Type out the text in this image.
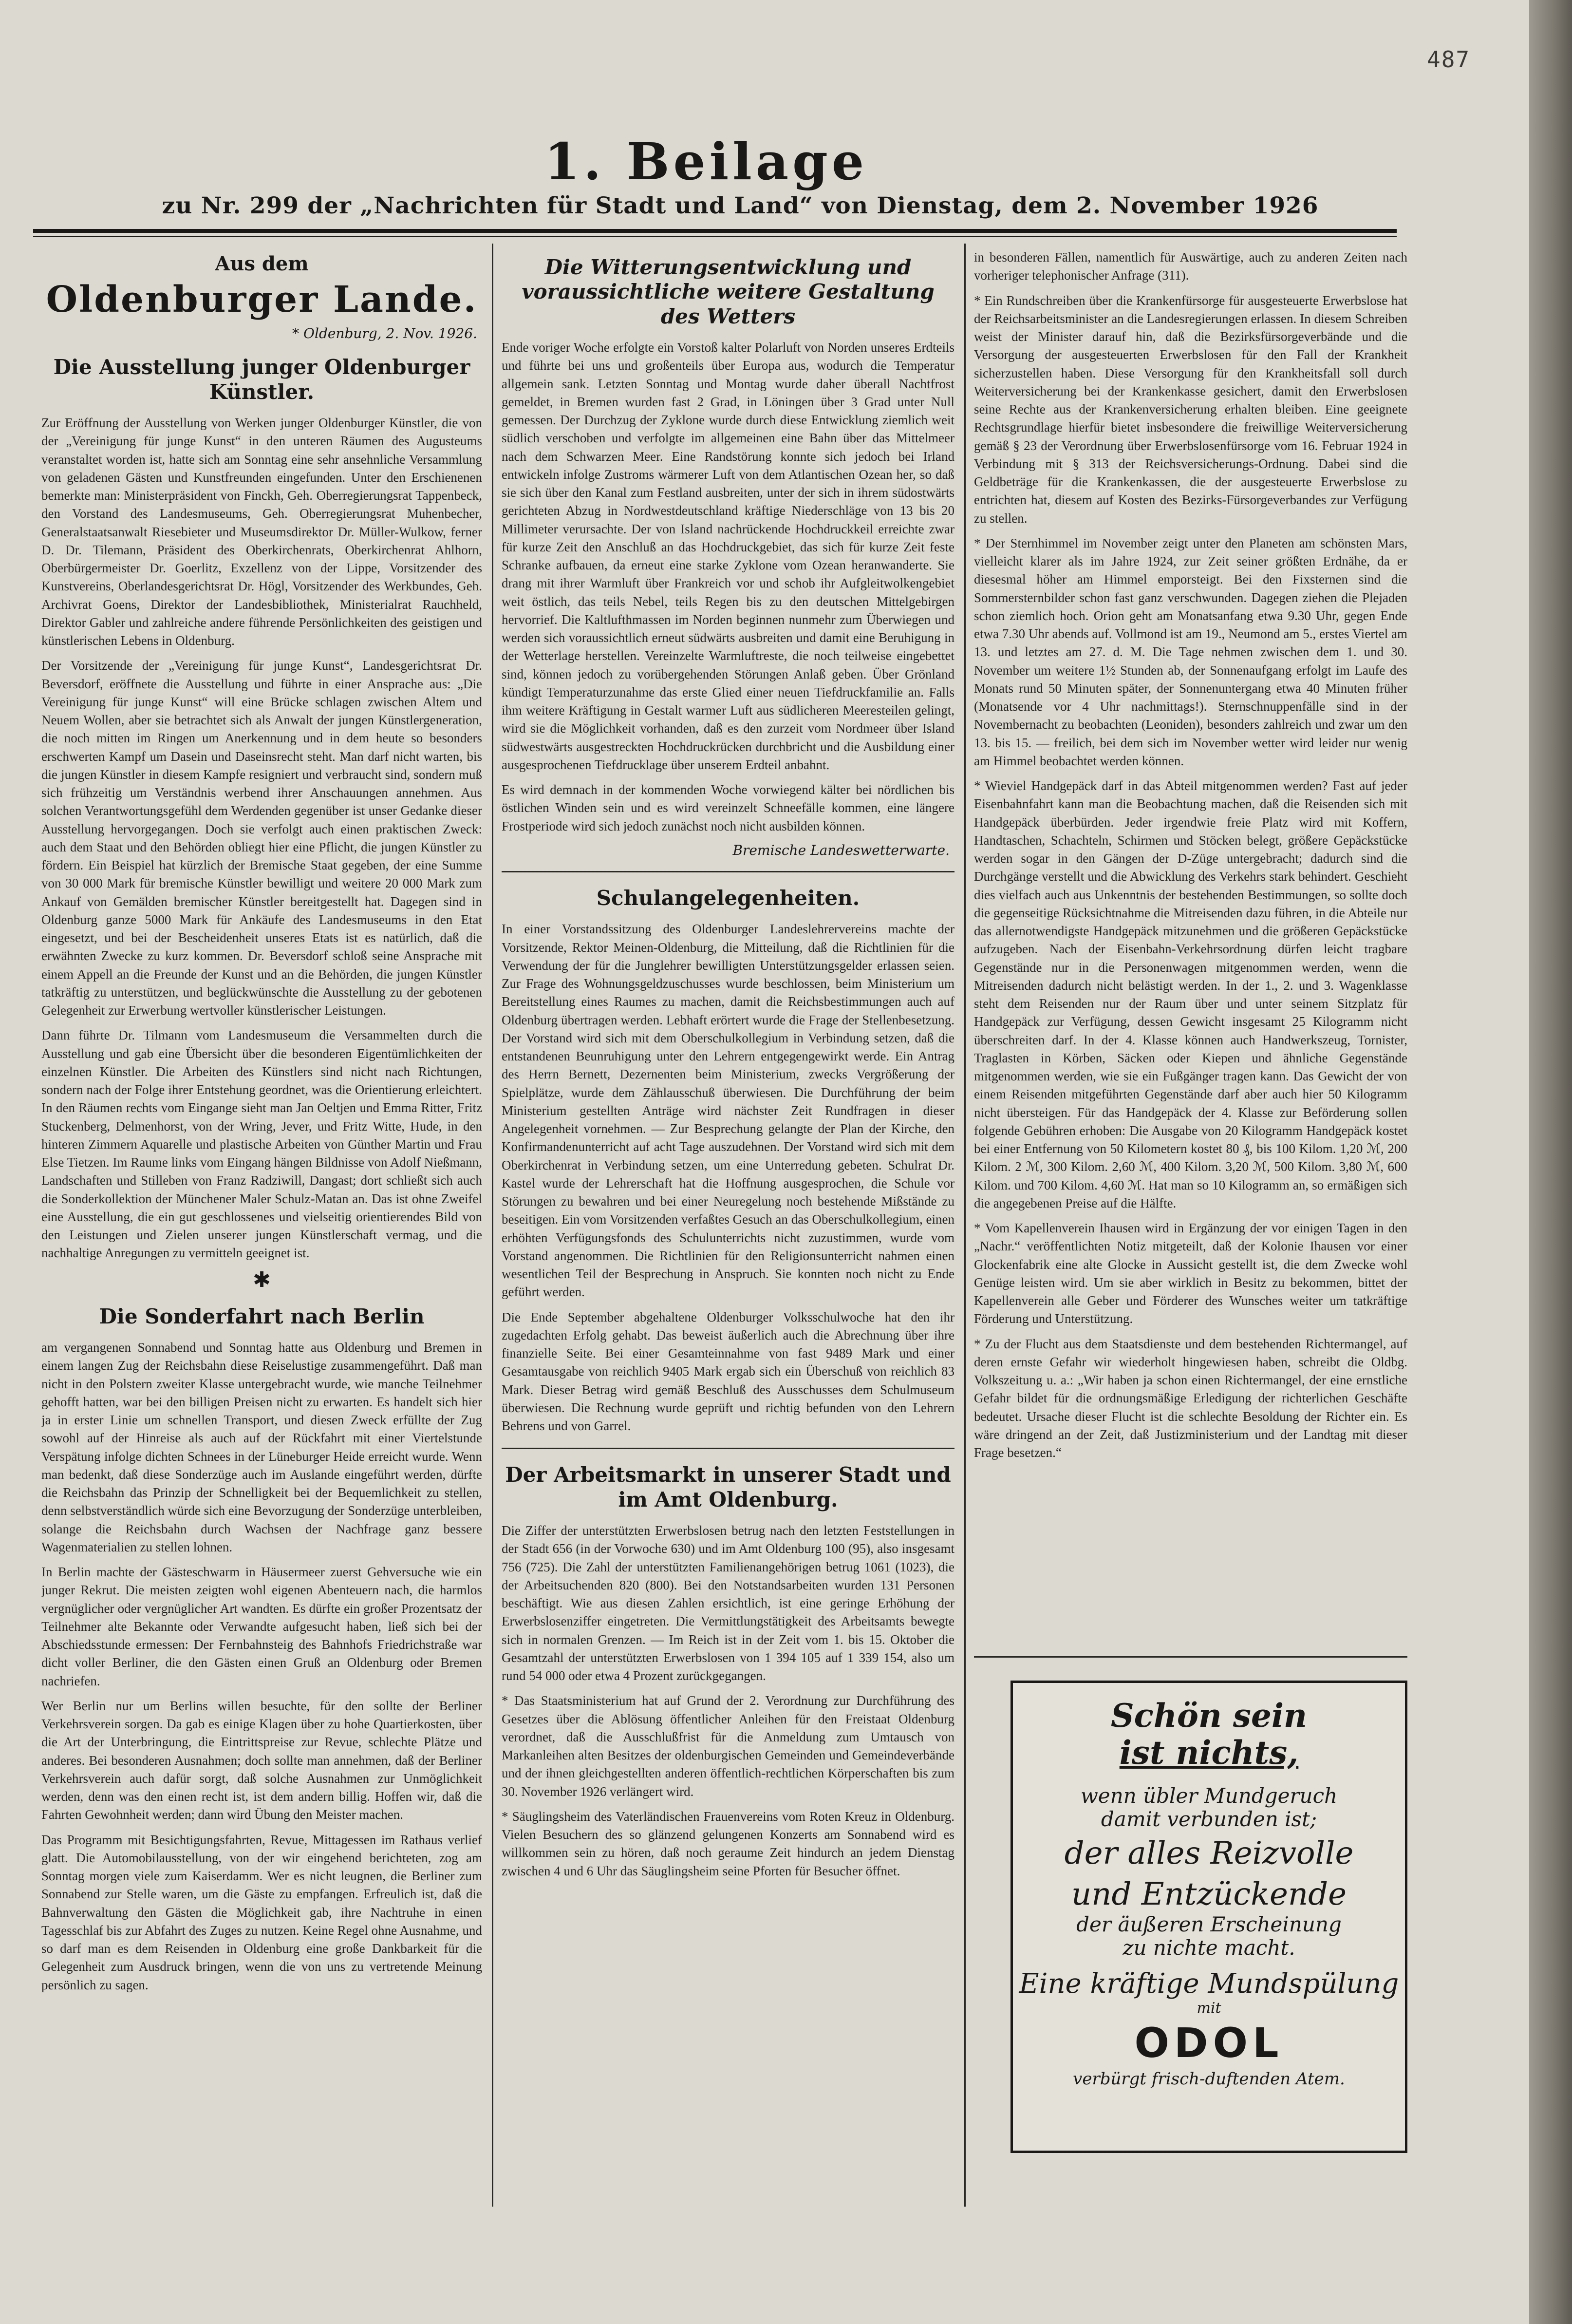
487
1. Beilage
zu Nr. 299 der „Nachrichten für Stadt und Land“ von Dienstag, dem 2. November 1926
Aus dem
Oldenburger Lande.
* Oldenburg, 2. Nov. 1926.
Die Ausstellung junger Oldenburger Künstler.

Zur Eröffnung der Ausstellung von Werken junger Oldenburger Künstler, die von der „Vereinigung für junge Kunst“ in den unteren Räumen des Augusteums veranstaltet worden ist, hatte sich am Sonntag eine sehr ansehnliche Versammlung von geladenen Gästen und Kunstfreunden eingefunden. Unter den Erschienenen bemerkte man: Ministerpräsident von Finckh, Geh. Oberregierungsrat Tappenbeck, den Vorstand des Landesmuseums, Geh. Oberregierungsrat Muhenbecher, Generalstaatsanwalt Riesebieter und Museumsdirektor Dr. Müller-Wulkow, ferner D. Dr. Tilemann, Präsident des Oberkirchenrats, Oberkirchenrat Ahlhorn, Oberbürgermeister Dr. Goerlitz, Exzellenz von der Lippe, Vorsitzender des Kunstvereins, Oberlandesgerichtsrat Dr. Högl, Vorsitzender des Werkbundes, Geh. Archivrat Goens, Direktor der Landesbibliothek, Ministerialrat Rauchheld, Direktor Gabler und zahlreiche andere führende Persönlichkeiten des geistigen und künstlerischen Lebens in Oldenburg.

Der Vorsitzende der „Vereinigung für junge Kunst“, Landesgerichtsrat Dr. Beversdorf, eröffnete die Ausstellung und führte in einer Ansprache aus: „Die Vereinigung für junge Kunst“ will eine Brücke schlagen zwischen Altem und Neuem Wollen, aber sie betrachtet sich als Anwalt der jungen Künstlergeneration, die noch mitten im Ringen um Anerkennung und in dem heute so besonders erschwerten Kampf um Dasein und Daseinsrecht steht. Man darf nicht warten, bis die jungen Künstler in diesem Kampfe resigniert und verbraucht sind, sondern muß sich frühzeitig um Verständnis werbend ihrer Anschauungen annehmen. Aus solchen Verantwortungsgefühl dem Werdenden gegenüber ist unser Gedanke dieser Ausstellung hervorgegangen. Doch sie verfolgt auch einen praktischen Zweck: auch dem Staat und den Behörden obliegt hier eine Pflicht, die jungen Künstler zu fördern. Ein Beispiel hat kürzlich der Bremische Staat gegeben, der eine Summe von 30 000 Mark für bremische Künstler bewilligt und weitere 20 000 Mark zum Ankauf von Gemälden bremischer Künstler bereitgestellt hat. Dagegen sind in Oldenburg ganze 5000 Mark für Ankäufe des Landesmuseums in den Etat eingesetzt, und bei der Bescheidenheit unseres Etats ist es natürlich, daß die erwähnten Zwecke zu kurz kommen. Dr. Beversdorf schloß seine Ansprache mit einem Appell an die Freunde der Kunst und an die Behörden, die jungen Künstler tatkräftig zu unterstützen, und beglückwünschte die Ausstellung zu der gebotenen Gelegenheit zur Erwerbung wertvoller künstlerischer Leistungen.

Dann führte Dr. Tilmann vom Landesmuseum die Versammelten durch die Ausstellung und gab eine Übersicht über die besonderen Eigentümlichkeiten der einzelnen Künstler. Die Arbeiten des Künstlers sind nicht nach Richtungen, sondern nach der Folge ihrer Entstehung geordnet, was die Orientierung erleichtert. In den Räumen rechts vom Eingange sieht man Jan Oeltjen und Emma Ritter, Fritz Stuckenberg, Delmenhorst, von der Wring, Jever, und Fritz Witte, Hude, in den hinteren Zimmern Aquarelle und plastische Arbeiten von Günther Martin und Frau Else Tietzen. Im Raume links vom Eingang hängen Bildnisse von Adolf Nießmann, Landschaften und Stilleben von Franz Radziwill, Dangast; dort schließt sich auch die Sonderkollektion der Münchener Maler Schulz-Matan an. Das ist ohne Zweifel eine Ausstellung, die ein gut geschlossenes und vielseitig orientierendes Bild von den Leistungen und Zielen unserer jungen Künstlerschaft vermag, und die nachhaltige Anregungen zu vermitteln geeignet ist.

✱
Die Sonderfahrt nach Berlin

am vergangenen Sonnabend und Sonntag hatte aus Oldenburg und Bremen in einem langen Zug der Reichsbahn diese Reiselustige zusammengeführt. Daß man nicht in den Polstern zweiter Klasse untergebracht wurde, wie manche Teilnehmer gehofft hatten, war bei den billigen Preisen nicht zu erwarten. Es handelt sich hier ja in erster Linie um schnellen Transport, und diesen Zweck erfüllte der Zug sowohl auf der Hinreise als auch auf der Rückfahrt mit einer Viertelstunde Verspätung infolge dichten Schnees in der Lüneburger Heide erreicht wurde. Wenn man bedenkt, daß diese Sonderzüge auch im Auslande eingeführt werden, dürfte die Reichsbahn das Prinzip der Schnelligkeit bei der Bequemlichkeit zu stellen, denn selbstverständlich würde sich eine Bevorzugung der Sonderzüge unterbleiben, solange die Reichsbahn durch Wachsen der Nachfrage ganz bessere Wagenmaterialien zu stellen lohnen.

In Berlin machte der Gästeschwarm in Häusermeer zuerst Gehversuche wie ein junger Rekrut. Die meisten zeigten wohl eigenen Abenteuern nach, die harmlos vergnüglicher oder vergnüglicher Art wandten. Es dürfte ein großer Prozentsatz der Teilnehmer alte Bekannte oder Verwandte aufgesucht haben, ließ sich bei der Abschiedsstunde ermessen: Der Fernbahnsteig des Bahnhofs Friedrichstraße war dicht voller Berliner, die den Gästen einen Gruß an Oldenburg oder Bremen nachriefen.

Wer Berlin nur um Berlins willen besuchte, für den sollte der Berliner Verkehrsverein sorgen. Da gab es einige Klagen über zu hohe Quartierkosten, über die Art der Unterbringung, die Eintrittspreise zur Revue, schlechte Plätze und anderes. Bei besonderen Ausnahmen; doch sollte man annehmen, daß der Berliner Verkehrsverein auch dafür sorgt, daß solche Ausnahmen zur Unmöglichkeit werden, denn was den einen recht ist, ist dem andern billig. Hoffen wir, daß die Fahrten Gewohnheit werden; dann wird Übung den Meister machen.

Das Programm mit Besichtigungsfahrten, Revue, Mittagessen im Rathaus verlief glatt. Die Automobilausstellung, von der wir eingehend berichteten, zog am Sonntag morgen viele zum Kaiserdamm. Wer es nicht leugnen, die Berliner zum Sonnabend zur Stelle waren, um die Gäste zu empfangen. Erfreulich ist, daß die Bahnverwaltung den Gästen die Möglichkeit gab, ihre Nachtruhe in einen Tagesschlaf bis zur Abfahrt des Zuges zu nutzen. Keine Regel ohne Ausnahme, und so darf man es dem Reisenden in Oldenburg eine große Dankbarkeit für die Gelegenheit zum Ausdruck bringen, wenn die von uns zu vertretende Meinung persönlich zu sagen.

Die Witterungsentwicklung und voraussichtliche weitere Gestaltung des Wetters

Ende voriger Woche erfolgte ein Vorstoß kalter Polarluft von Norden unseres Erdteils und führte bei uns und großenteils über Europa aus, wodurch die Temperatur allgemein sank. Letzten Sonntag und Montag wurde daher überall Nachtfrost gemeldet, in Bremen wurden fast 2 Grad, in Löningen über 3 Grad unter Null gemessen. Der Durchzug der Zyklone wurde durch diese Entwicklung ziemlich weit südlich verschoben und verfolgte im allgemeinen eine Bahn über das Mittelmeer nach dem Schwarzen Meer. Eine Randstörung konnte sich jedoch bei Irland entwickeln infolge Zustroms wärmerer Luft von dem Atlantischen Ozean her, so daß sie sich über den Kanal zum Festland ausbreiten, unter der sich in ihrem südostwärts gerichteten Abzug in Nordwestdeutschland kräftige Niederschläge von 13 bis 20 Millimeter verursachte. Der von Island nachrückende Hochdruckkeil erreichte zwar für kurze Zeit den Anschluß an das Hochdruckgebiet, das sich für kurze Zeit feste Schranke aufbauen, da erneut eine starke Zyklone vom Ozean heranwanderte. Sie drang mit ihrer Warmluft über Frankreich vor und schob ihr Aufgleitwolkengebiet weit östlich, das teils Nebel, teils Regen bis zu den deutschen Mittelgebirgen hervorrief. Die Kaltlufthmassen im Norden beginnen nunmehr zum Überwiegen und werden sich voraussichtlich erneut südwärts ausbreiten und damit eine Beruhigung in der Wetterlage herstellen. Vereinzelte Warmluftreste, die noch teilweise eingebettet sind, können jedoch zu vorübergehenden Störungen Anlaß geben. Über Grönland kündigt Temperaturzunahme das erste Glied einer neuen Tiefdruckfamilie an. Falls ihm weitere Kräftigung in Gestalt warmer Luft aus südlicheren Meeresteilen gelingt, wird sie die Möglichkeit vorhanden, daß es den zurzeit vom Nordmeer über Island südwestwärts ausgestreckten Hochdruckrücken durchbricht und die Ausbildung einer ausgesprochenen Tiefdrucklage über unserem Erdteil anbahnt.

Es wird demnach in der kommenden Woche vorwiegend kälter bei nördlichen bis östlichen Winden sein und es wird vereinzelt Schneefälle kommen, eine längere Frostperiode wird sich jedoch zunächst noch nicht ausbilden können.

Bremische Landeswetterwarte.
Schulangelegenheiten.

In einer Vorstandssitzung des Oldenburger Landeslehrervereins machte der Vorsitzende, Rektor Meinen-Oldenburg, die Mitteilung, daß die Richtlinien für die Verwendung der für die Junglehrer bewilligten Unterstützungsgelder erlassen seien. Zur Frage des Wohnungsgeldzuschusses wurde beschlossen, beim Ministerium um Bereitstellung eines Raumes zu machen, damit die Reichsbestimmungen auch auf Oldenburg übertragen werden. Lebhaft erörtert wurde die Frage der Stellenbesetzung. Der Vorstand wird sich mit dem Oberschulkollegium in Verbindung setzen, daß die entstandenen Beunruhigung unter den Lehrern entgegengewirkt werde. Ein Antrag des Herrn Bernett, Dezernenten beim Ministerium, zwecks Vergrößerung der Spielplätze, wurde dem Zählausschuß überwiesen. Die Durchführung der beim Ministerium gestellten Anträge wird nächster Zeit Rundfragen in dieser Angelegenheit vornehmen. — Zur Besprechung gelangte der Plan der Kirche, den Konfirmandenunterricht auf acht Tage auszudehnen. Der Vorstand wird sich mit dem Oberkirchenrat in Verbindung setzen, um eine Unterredung gebeten. Schulrat Dr. Kastel wurde der Lehrerschaft hat die Hoffnung ausgesprochen, die Schule vor Störungen zu bewahren und bei einer Neuregelung noch bestehende Mißstände zu beseitigen. Ein vom Vorsitzenden verfaßtes Gesuch an das Oberschulkollegium, einen erhöhten Verfügungsfonds des Schulunterrichts nicht zuzustimmen, wurde vom Vorstand angenommen. Die Richtlinien für den Religionsunterricht nahmen einen wesentlichen Teil der Besprechung in Anspruch. Sie konnten noch nicht zu Ende geführt werden.

Die Ende September abgehaltene Oldenburger Volksschulwoche hat den ihr zugedachten Erfolg gehabt. Das beweist äußerlich auch die Abrechnung über ihre finanzielle Seite. Bei einer Gesamteinnahme von fast 9489 Mark und einer Gesamtausgabe von reichlich 9405 Mark ergab sich ein Überschuß von reichlich 83 Mark. Dieser Betrag wird gemäß Beschluß des Ausschusses dem Schulmuseum überwiesen. Die Rechnung wurde geprüft und richtig befunden von den Lehrern Behrens und von Garrel.

Der Arbeitsmarkt in unserer Stadt und im Amt Oldenburg.

Die Ziffer der unterstützten Erwerbslosen betrug nach den letzten Feststellungen in der Stadt 656 (in der Vorwoche 630) und im Amt Oldenburg 100 (95), also insgesamt 756 (725). Die Zahl der unterstützten Familienangehörigen betrug 1061 (1023), die der Arbeitsuchenden 820 (800). Bei den Notstandsarbeiten wurden 131 Personen beschäftigt. Wie aus diesen Zahlen ersichtlich, ist eine geringe Erhöhung der Erwerbslosenziffer eingetreten. Die Vermittlungstätigkeit des Arbeitsamts bewegte sich in normalen Grenzen. — Im Reich ist in der Zeit vom 1. bis 15. Oktober die Gesamtzahl der unterstützten Erwerbslosen von 1 394 105 auf 1 339 154, also um rund 54 000 oder etwa 4 Prozent zurückgegangen.

* Das Staatsministerium hat auf Grund der 2. Verordnung zur Durchführung des Gesetzes über die Ablösung öffentlicher Anleihen für den Freistaat Oldenburg verordnet, daß die Ausschlußfrist für die Anmeldung zum Umtausch von Markanleihen alten Besitzes der oldenburgischen Gemeinden und Gemeindeverbände und der ihnen gleichgestellten anderen öffentlich-rechtlichen Körperschaften bis zum 30. November 1926 verlängert wird.

* Säuglingsheim des Vaterländischen Frauenvereins vom Roten Kreuz in Oldenburg. Vielen Besuchern des so glänzend gelungenen Konzerts am Sonnabend wird es willkommen sein zu hören, daß noch geraume Zeit hindurch an jedem Dienstag zwischen 4 und 6 Uhr das Säuglingsheim seine Pforten für Besucher öffnet.

in besonderen Fällen, namentlich für Auswärtige, auch zu anderen Zeiten nach vorheriger telephonischer Anfrage (311).

* Ein Rundschreiben über die Krankenfürsorge für ausgesteuerte Erwerbslose hat der Reichsarbeitsminister an die Landesregierungen erlassen. In diesem Schreiben weist der Minister darauf hin, daß die Bezirksfürsorgeverbände und die Versorgung der ausgesteuerten Erwerbslosen für den Fall der Krankheit sicherzustellen haben. Diese Versorgung für den Krankheitsfall soll durch Weiterversicherung bei der Krankenkasse gesichert, damit den Erwerbslosen seine Rechte aus der Krankenversicherung erhalten bleiben. Eine geeignete Rechtsgrundlage hierfür bietet insbesondere die freiwillige Weiterversicherung gemäß § 23 der Verordnung über Erwerbslosenfürsorge vom 16. Februar 1924 in Verbindung mit § 313 der Reichsversicherungs-Ordnung. Dabei sind die Geldbeträge für die Krankenkassen, die der ausgesteuerte Erwerbslose zu entrichten hat, diesem auf Kosten des Bezirks-Fürsorgeverbandes zur Verfügung zu stellen.

* Der Sternhimmel im November zeigt unter den Planeten am schönsten Mars, vielleicht klarer als im Jahre 1924, zur Zeit seiner größten Erdnähe, da er diesesmal höher am Himmel emporsteigt. Bei den Fixsternen sind die Sommersternbilder schon fast ganz verschwunden. Dagegen ziehen die Plejaden schon ziemlich hoch. Orion geht am Monatsanfang etwa 9.30 Uhr, gegen Ende etwa 7.30 Uhr abends auf. Vollmond ist am 19., Neumond am 5., erstes Viertel am 13. und letztes am 27. d. M. Die Tage nehmen zwischen dem 1. und 30. November um weitere 1½ Stunden ab, der Sonnenaufgang erfolgt im Laufe des Monats rund 50 Minuten später, der Sonnenuntergang etwa 40 Minuten früher (Monatsende vor 4 Uhr nachmittags!). Sternschnuppenfälle sind in der Novembernacht zu beobachten (Leoniden), besonders zahlreich und zwar um den 13. bis 15. — freilich, bei dem sich im November wetter wird leider nur wenig am Himmel beobachtet werden können.

* Wieviel Handgepäck darf in das Abteil mitgenommen werden? Fast auf jeder Eisenbahnfahrt kann man die Beobachtung machen, daß die Reisenden sich mit Handgepäck überbürden. Jeder irgendwie freie Platz wird mit Koffern, Handtaschen, Schachteln, Schirmen und Stöcken belegt, größere Gepäckstücke werden sogar in den Gängen der D-Züge untergebracht; dadurch sind die Durchgänge verstellt und die Abwicklung des Verkehrs stark behindert. Geschieht dies vielfach auch aus Unkenntnis der bestehenden Bestimmungen, so sollte doch die gegenseitige Rücksichtnahme die Mitreisenden dazu führen, in die Abteile nur das allernotwendigste Handgepäck mitzunehmen und die größeren Gepäckstücke aufzugeben. Nach der Eisenbahn-Verkehrsordnung dürfen leicht tragbare Gegenstände nur in die Personenwagen mitgenommen werden, wenn die Mitreisenden dadurch nicht belästigt werden. In der 1., 2. und 3. Wagenklasse steht dem Reisenden nur der Raum über und unter seinem Sitzplatz für Handgepäck zur Verfügung, dessen Gewicht insgesamt 25 Kilogramm nicht überschreiten darf. In der 4. Klasse können auch Handwerkszeug, Tornister, Traglasten in Körben, Säcken oder Kiepen und ähnliche Gegenstände mitgenommen werden, wie sie ein Fußgänger tragen kann. Das Gewicht der von einem Reisenden mitgeführten Gegenstände darf aber auch hier 50 Kilogramm nicht übersteigen. Für das Handgepäck der 4. Klasse zur Beförderung sollen folgende Gebühren erhoben: Die Ausgabe von 20 Kilogramm Handgepäck kostet bei einer Entfernung von 50 Kilometern kostet 80 ₰, bis 100 Kilom. 1,20 ℳ, 200 Kilom. 2 ℳ, 300 Kilom. 2,60 ℳ, 400 Kilom. 3,20 ℳ, 500 Kilom. 3,80 ℳ, 600 Kilom. und 700 Kilom. 4,60 ℳ. Hat man so 10 Kilogramm an, so ermäßigen sich die angegebenen Preise auf die Hälfte.

* Vom Kapellenverein Ihausen wird in Ergänzung der vor einigen Tagen in den „Nachr.“ veröffentlichten Notiz mitgeteilt, daß der Kolonie Ihausen vor einer Glockenfabrik eine alte Glocke in Aussicht gestellt ist, die dem Zwecke wohl Genüge leisten wird. Um sie aber wirklich in Besitz zu bekommen, bittet der Kapellenverein alle Geber und Förderer des Wunsches weiter um tatkräftige Förderung und Unterstützung.

* Zu der Flucht aus dem Staatsdienste und dem bestehenden Richtermangel, auf deren ernste Gefahr wir wiederholt hingewiesen haben, schreibt die Oldbg. Volkszeitung u. a.: „Wir haben ja schon einen Richtermangel, der eine ernstliche Gefahr bildet für die ordnungsmäßige Erledigung der richterlichen Geschäfte bedeutet. Ursache dieser Flucht ist die schlechte Besoldung der Richter ein. Es wäre dringend an der Zeit, daß Justizministerium und der Landtag mit dieser Frage besetzen.“

Schön sein
ist nichts,
wenn übler Mundgeruch
damit verbunden ist;
der alles Reizvolle
und Entzückende
der äußeren Erscheinung
zu nichte macht.
Eine kräftige Mundspülung
mit
ODOL
verbürgt frisch-duftenden Atem.
